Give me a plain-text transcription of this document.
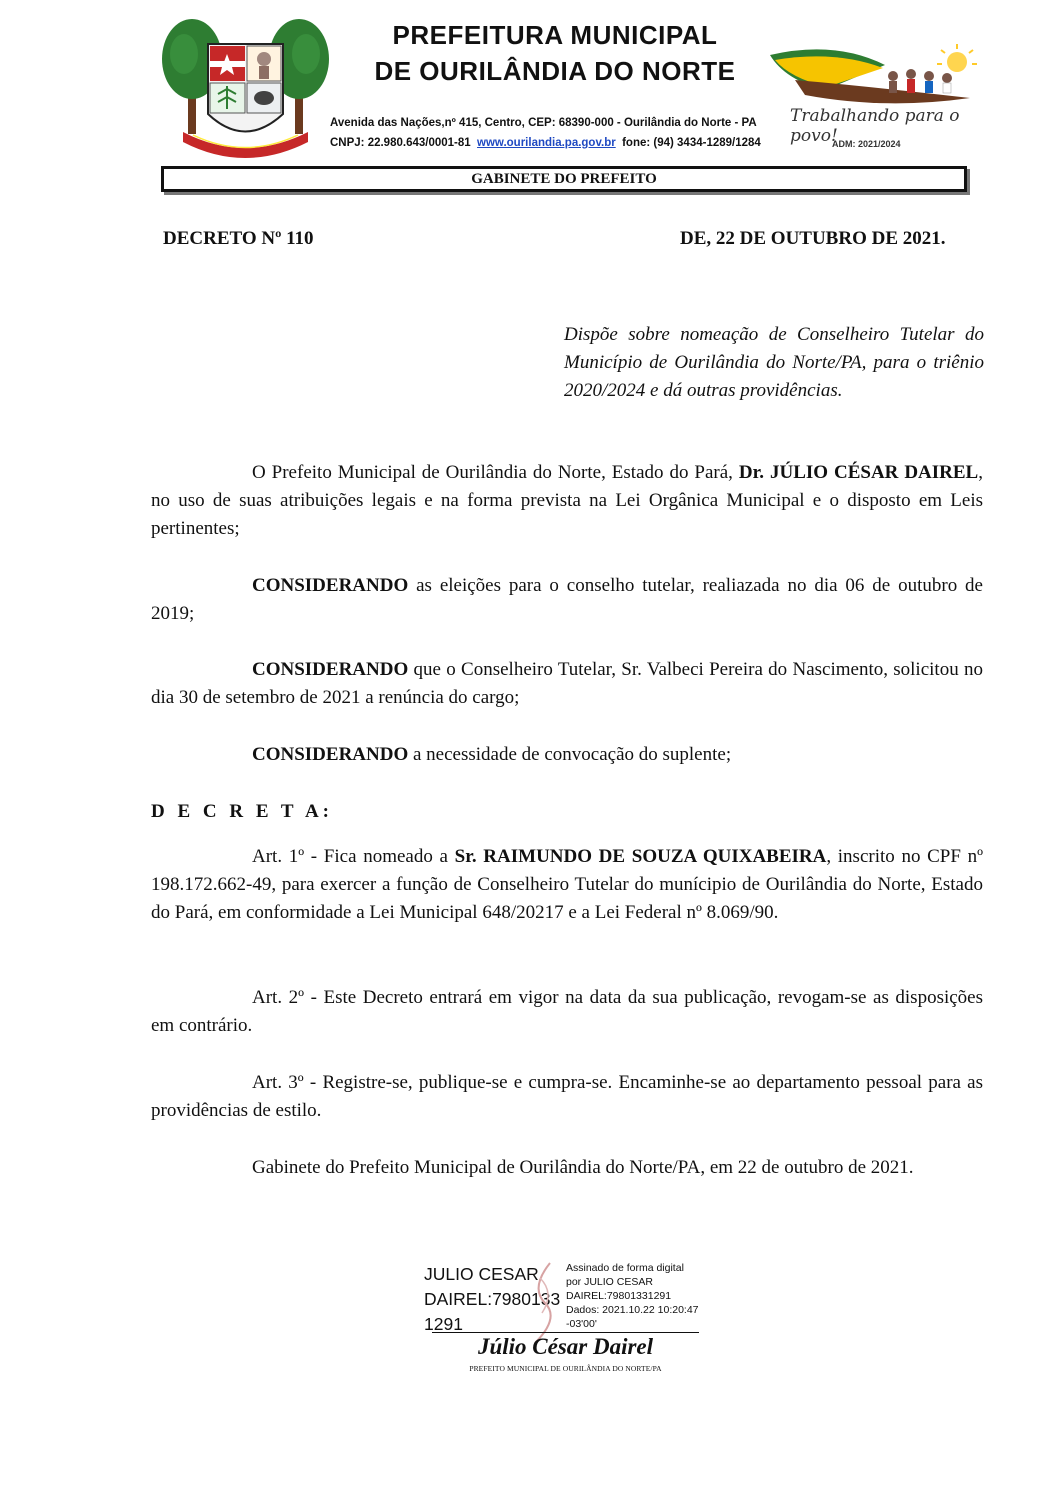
PREFEITURA MUNICIPAL
DE OURILÂNDIA DO NORTE
Avenida das Nações,nº 415, Centro, CEP: 68390-000 - Ourilândia do Norte - PA
CNPJ: 22.980.643/0001-81 www.ourilandia.pa.gov.br fone: (94) 3434-1289/1284
Trabalhando para o povo!
ADM: 2021/2024
GABINETE DO PREFEITO
DECRETO Nº 110	DE, 22 DE OUTUBRO DE 2021.
Dispõe sobre nomeação de Conselheiro Tutelar do Município de Ourilândia do Norte/PA, para o triênio 2020/2024 e dá outras providências.
O Prefeito Municipal de Ourilândia do Norte, Estado do Pará, Dr. JÚLIO CÉSAR DAIREL, no uso de suas atribuições legais e na forma prevista na Lei Orgânica Municipal e o disposto em Leis pertinentes;
CONSIDERANDO as eleições para o conselho tutelar, realiazada no dia 06 de outubro de 2019;
CONSIDERANDO que o Conselheiro Tutelar, Sr. Valbeci Pereira do Nascimento, solicitou no dia 30 de setembro de 2021 a renúncia do cargo;
CONSIDERANDO a necessidade de convocação do suplente;
D E C R E T A:
Art. 1º - Fica nomeado a Sr. RAIMUNDO DE SOUZA QUIXABEIRA, inscrito no CPF nº 198.172.662-49, para exercer a função de Conselheiro Tutelar do munícipio de Ourilândia do Norte, Estado do Pará, em conformidade a Lei Municipal 648/20217 e a Lei Federal nº 8.069/90.
Art. 2º - Este Decreto entrará em vigor na data da sua publicação, revogam-se as disposições em contrário.
Art. 3º - Registre-se, publique-se e cumpra-se. Encaminhe-se ao departamento pessoal para as providências de estilo.
Gabinete do Prefeito Municipal de Ourilândia do Norte/PA, em 22 de outubro de 2021.
JULIO CESAR
DAIREL:7980133
1291
Assinado de forma digital
por JULIO CESAR
DAIREL:79801331291
Dados: 2021.10.22 10:20:47
-03'00'
Júlio César Dairel
PREFEITO MUNICIPAL DE OURILÂNDIA DO NORTE/PA
